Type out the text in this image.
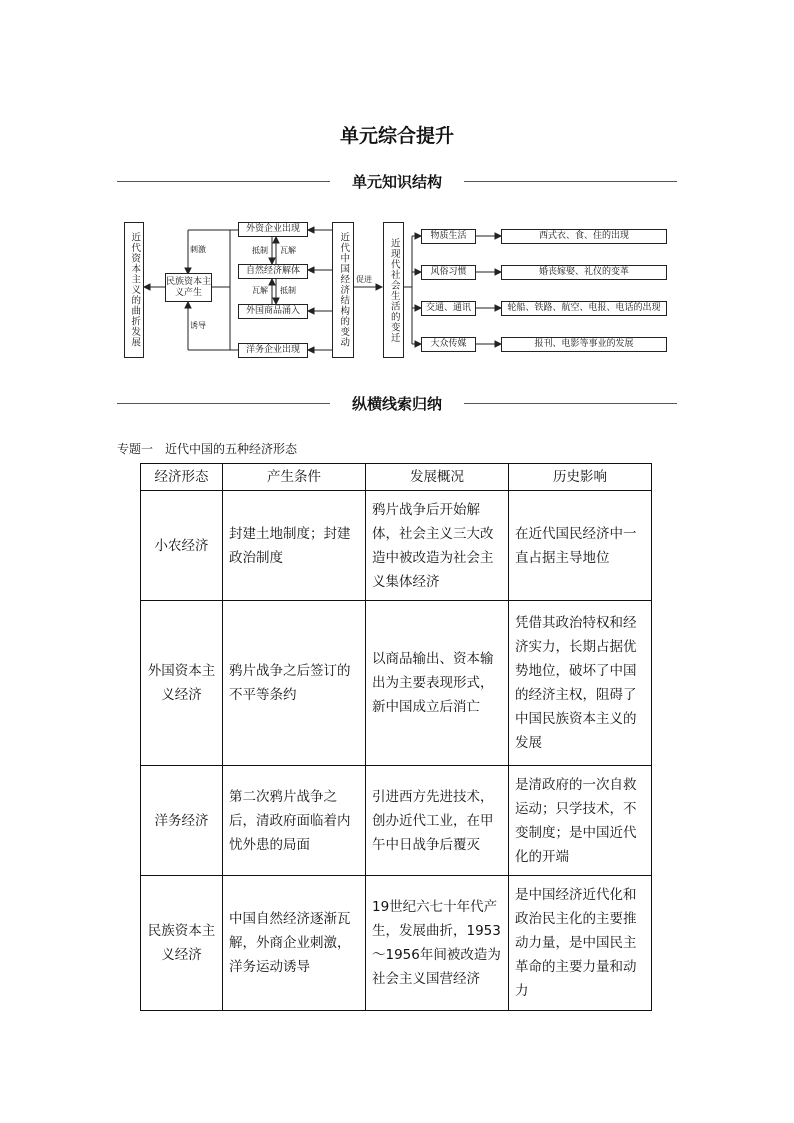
单元综合提升
单元知识结构
近代资本主义的曲折发展	民族资本主义产生
刺激
诱导
外资企业出现
抵制 瓦解
自然经济解体
瓦解 抵制
外国商品涌入
洋务企业出现
近代中国经济结构的变动 促进	近现代社会生活的变迁
物质生活	西式衣、食、住的出现
风俗习惯	婚丧嫁娶、礼仪的变革
交通、通讯	轮船、铁路、航空、电报、电话的出现
大众传媒	报刊、电影等事业的发展
纵横线索归纳
专题一　近代中国的五种经济形态
经济形态	产生条件	发展概况	历史影响
小农经济	封建土地制度；封建政治制度	鸦片战争后开始解体，社会主义三大改造中被改造为社会主义集体经济	在近代国民经济中一直占据主导地位
外国资本主义经济	鸦片战争之后签订的不平等条约	以商品输出、资本输出为主要表现形式，新中国成立后消亡	凭借其政治特权和经济实力，长期占据优势地位，破坏了中国的经济主权，阻碍了中国民族资本主义的发展
洋务经济	第二次鸦片战争之后，清政府面临着内忧外患的局面	引进西方先进技术，创办近代工业，在甲午中日战争后覆灭	是清政府的一次自救运动；只学技术，不变制度；是中国近代化的开端
民族资本主义经济	中国自然经济逐渐瓦解，外商企业刺激，洋务运动诱导	19世纪六七十年代产生，发展曲折，1953～1956年间被改造为社会主义国营经济	是中国经济近代化和政治民主化的主要推动力量，是中国民主革命的主要力量和动力
